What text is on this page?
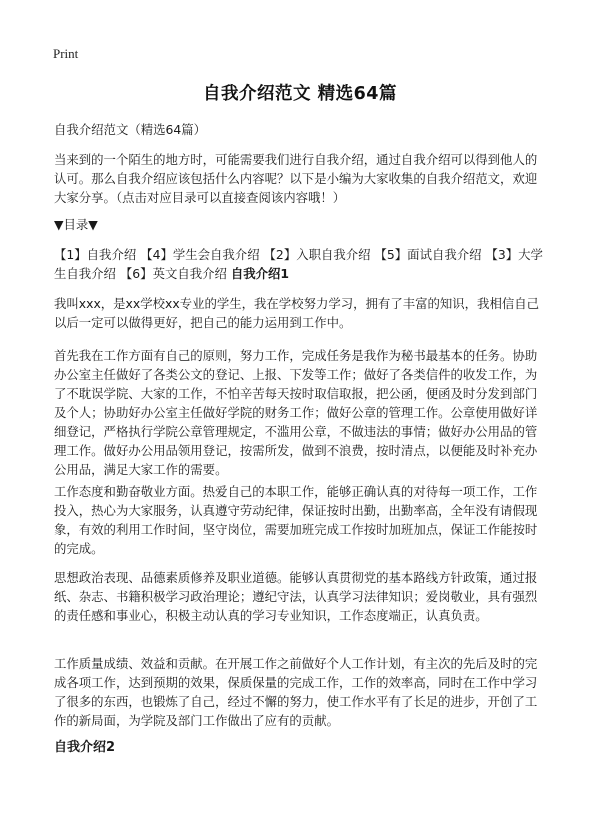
Print
自我介绍范文 精选64篇
自我介绍范文（精选64篇）
当来到的一个陌生的地方时，可能需要我们进行自我介绍，通过自我介绍可以得到他人的认可。那么自我介绍应该包括什么内容呢？以下是小编为大家收集的自我介绍范文，欢迎大家分享。（点击对应目录可以直接查阅该内容哦！）
▼目录▼
【1】自我介绍 【4】学生会自我介绍 【2】入职自我介绍 【5】面试自我介绍 【3】大学生自我介绍 【6】英文自我介绍 自我介绍1
我叫xxx，是xx学校xx专业的学生，我在学校努力学习，拥有了丰富的知识，我相信自己以后一定可以做得更好，把自己的能力运用到工作中。
首先我在工作方面有自己的原则，努力工作，完成任务是我作为秘书最基本的任务。协助办公室主任做好了各类公文的登记、上报、下发等工作；做好了各类信件的收发工作，为了不耽误学院、大家的工作，不怕辛苦每天按时取信取报，把公函，便函及时分发到部门及个人；协助好办公室主任做好学院的财务工作；做好公章的管理工作。公章使用做好详细登记，严格执行学院公章管理规定，不滥用公章，不做违法的事情；做好办公用品的管理工作。做好办公用品领用登记，按需所发，做到不浪费，按时清点，以便能及时补充办公用品，满足大家工作的需要。
工作态度和勤奋敬业方面。热爱自己的本职工作，能够正确认真的对待每一项工作，工作投入，热心为大家服务，认真遵守劳动纪律，保证按时出勤，出勤率高，全年没有请假现象，有效的利用工作时间，坚守岗位，需要加班完成工作按时加班加点，保证工作能按时的完成。
思想政治表现、品德素质修养及职业道德。能够认真贯彻党的基本路线方针政策，通过报纸、杂志、书籍积极学习政治理论；遵纪守法，认真学习法律知识；爱岗敬业，具有强烈的责任感和事业心，积极主动认真的学习专业知识，工作态度端正，认真负责。
工作质量成绩、效益和贡献。在开展工作之前做好个人工作计划，有主次的先后及时的完成各项工作，达到预期的效果，保质保量的完成工作，工作的效率高，同时在工作中学习了很多的东西，也锻炼了自己，经过不懈的努力，使工作水平有了长足的进步，开创了工作的新局面，为学院及部门工作做出了应有的贡献。
自我介绍2
